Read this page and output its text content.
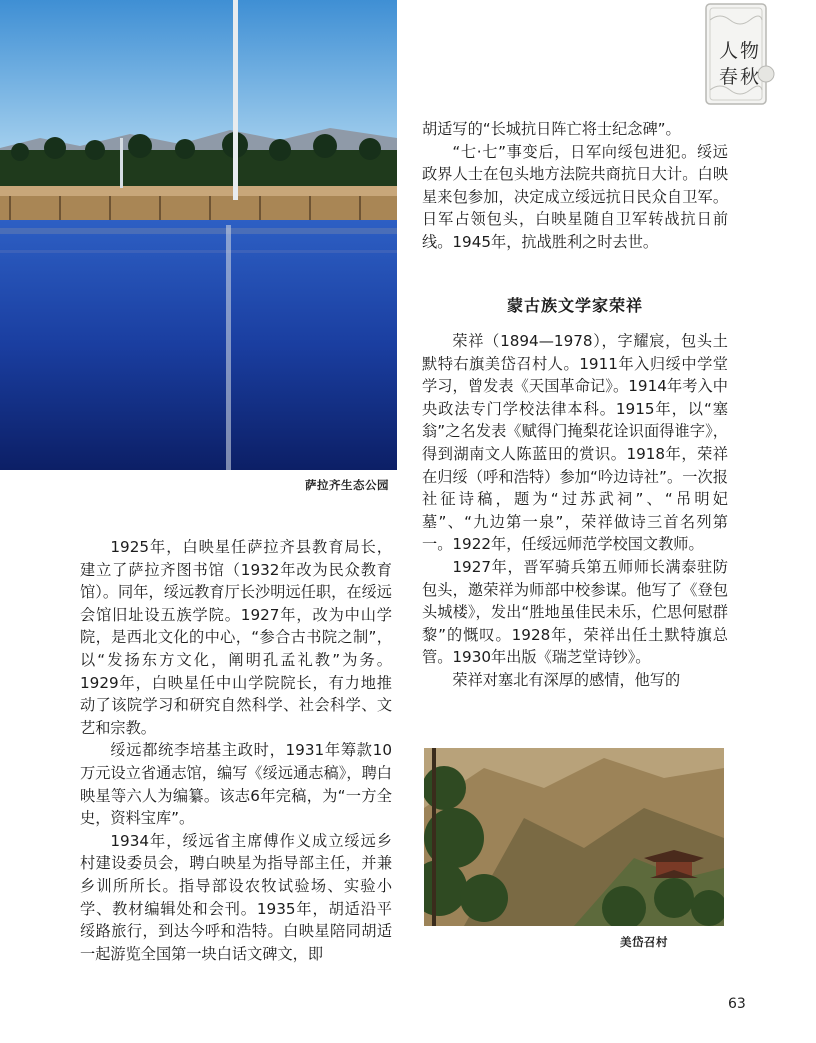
萨拉齐生态公园
人物
春秋

胡适写的“长城抗日阵亡将士纪念碑”。

“七·七”事变后，日军向绥包进犯。绥远政界人士在包头地方法院共商抗日大计。白映星来包参加，决定成立绥远抗日民众自卫军。日军占领包头，白映星随自卫军转战抗日前线。1945年，抗战胜利之时去世。

蒙古族文学家荣祥

荣祥（1894—1978），字耀宸，包头土默特右旗美岱召村人。1911年入归绥中学堂学习，曾发表《天国革命记》。1914年考入中央政法专门学校法律本科。1915年，以“塞翁”之名发表《赋得门掩梨花诠识面得谁字》，得到湖南文人陈蓝田的赏识。1918年，荣祥在归绥（呼和浩特）参加“吟边诗社”。一次报社征诗稿，题为“过苏武祠”、“吊明妃墓”、“九边第一泉”，荣祥做诗三首名列第一。1922年，任绥远师范学校国文教师。

1927年，晋军骑兵第五师师长满泰驻防包头，邀荣祥为师部中校参谋。他写了《登包头城楼》，发出“胜地虽佳民未乐，伫思何慰群黎”的慨叹。1928年，荣祥出任土默特旗总管。1930年出版《瑞芝堂诗钞》。

荣祥对塞北有深厚的感情，他写的

1925年，白映星任萨拉齐县教育局长，建立了萨拉齐图书馆（1932年改为民众教育馆）。同年，绥远教育厅长沙明远任职，在绥远会馆旧址设五族学院。1927年，改为中山学院，是西北文化的中心，“参合古书院之制”，以“发扬东方文化，阐明孔孟礼教”为务。1929年，白映星任中山学院院长，有力地推动了该院学习和研究自然科学、社会科学、文艺和宗教。

绥远都统李培基主政时，1931年筹款10万元设立省通志馆，编写《绥远通志稿》，聘白映星等六人为编纂。该志6年完稿，为“一方全史，资料宝库”。

1934年，绥远省主席傅作义成立绥远乡村建设委员会，聘白映星为指导部主任，并兼乡训所所长。指导部设农牧试验场、实验小学、教材编辑处和会刊。1935年，胡适沿平绥路旅行，到达今呼和浩特。白映星陪同胡适一起游览全国第一块白话文碑文，即

美岱召村
63
